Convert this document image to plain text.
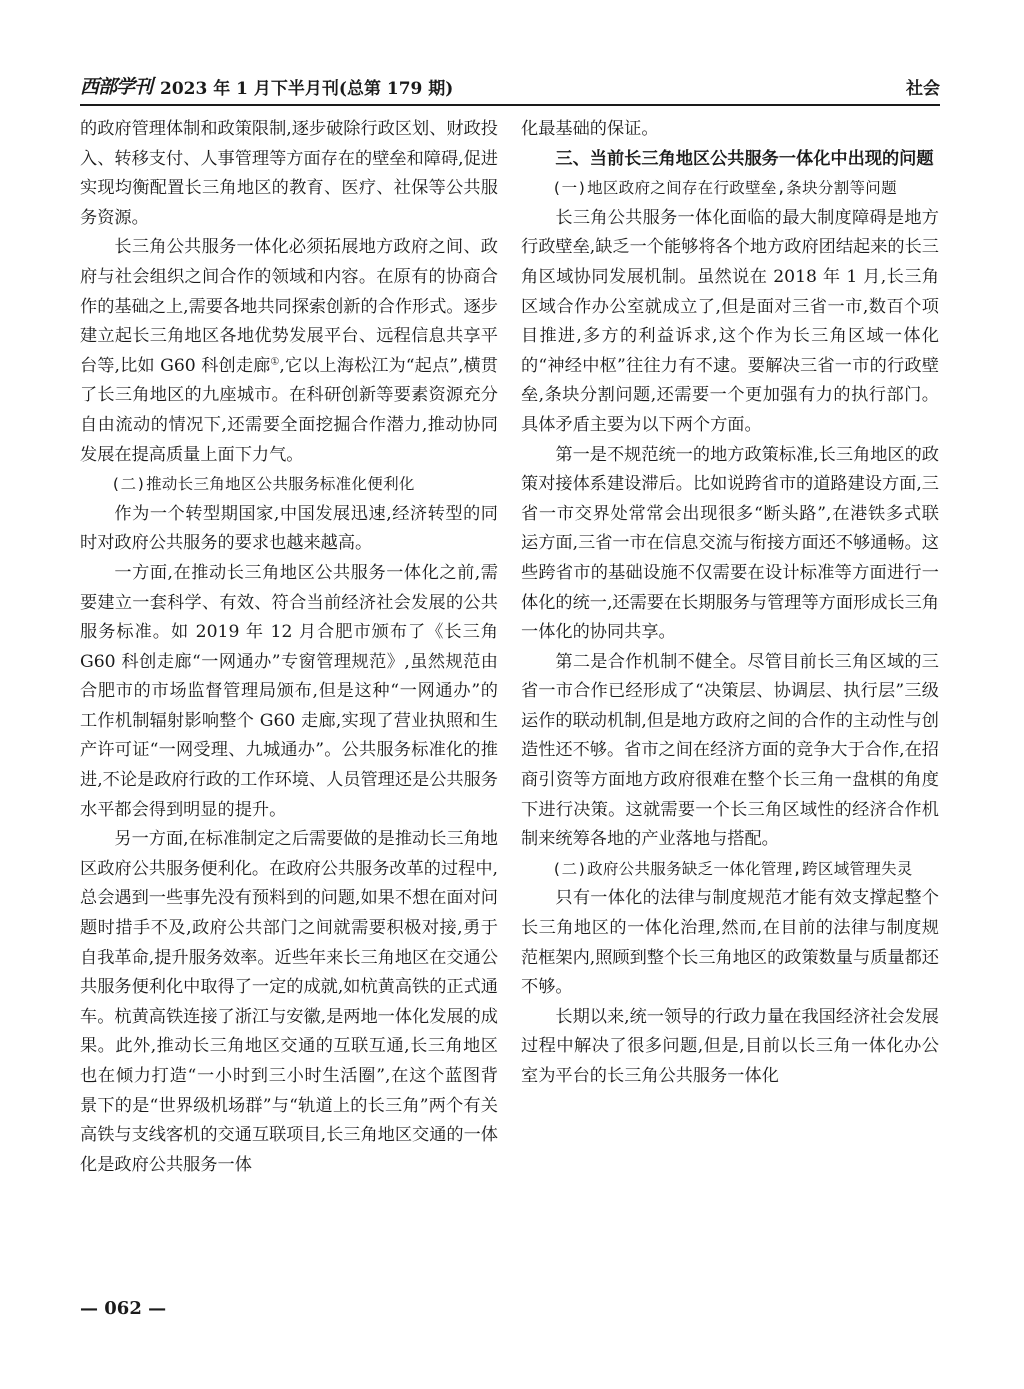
西部学刊 2023 年 1 月下半月刊(总第 179 期)	社会

的政府管理体制和政策限制,逐步破除行政区划、财政投入、转移支付、人事管理等方面存在的壁垒和障碍,促进实现均衡配置长三角地区的教育、医疗、社保等公共服务资源。

长三角公共服务一体化必须拓展地方政府之间、政府与社会组织之间合作的领域和内容。在原有的协商合作的基础之上,需要各地共同探索创新的合作形式。逐步建立起长三角地区各地优势发展平台、远程信息共享平台等,比如 G60 科创走廊①,它以上海松江为“起点”,横贯了长三角地区的九座城市。在科研创新等要素资源充分自由流动的情况下,还需要全面挖掘合作潜力,推动协同发展在提高质量上面下力气。

(二)推动长三角地区公共服务标准化便利化

作为一个转型期国家,中国发展迅速,经济转型的同时对政府公共服务的要求也越来越高。

一方面,在推动长三角地区公共服务一体化之前,需要建立一套科学、有效、符合当前经济社会发展的公共服务标准。如 2019 年 12 月合肥市颁布了《长三角 G60 科创走廊“一网通办”专窗管理规范》,虽然规范由合肥市的市场监督管理局颁布,但是这种“一网通办”的工作机制辐射影响整个 G60 走廊,实现了营业执照和生产许可证“一网受理、九城通办”。公共服务标准化的推进,不论是政府行政的工作环境、人员管理还是公共服务水平都会得到明显的提升。

另一方面,在标准制定之后需要做的是推动长三角地区政府公共服务便利化。在政府公共服务改革的过程中,总会遇到一些事先没有预料到的问题,如果不想在面对问题时措手不及,政府公共部门之间就需要积极对接,勇于自我革命,提升服务效率。近些年来长三角地区在交通公共服务便利化中取得了一定的成就,如杭黄高铁的正式通车。杭黄高铁连接了浙江与安徽,是两地一体化发展的成果。此外,推动长三角地区交通的互联互通,长三角地区也在倾力打造“一小时到三小时生活圈”,在这个蓝图背景下的是“世界级机场群”与“轨道上的长三角”两个有关高铁与支线客机的交通互联项目,长三角地区交通的一体化是政府公共服务一体

化最基础的保证。

三、当前长三角地区公共服务一体化中出现的问题
(一)地区政府之间存在行政壁垒,条块分割等问题

长三角公共服务一体化面临的最大制度障碍是地方行政壁垒,缺乏一个能够将各个地方政府团结起来的长三角区域协同发展机制。虽然说在 2018 年 1 月,长三角区域合作办公室就成立了,但是面对三省一市,数百个项目推进,多方的利益诉求,这个作为长三角区域一体化的“神经中枢”往往力有不逮。要解决三省一市的行政壁垒,条块分割问题,还需要一个更加强有力的执行部门。具体矛盾主要为以下两个方面。

第一是不规范统一的地方政策标准,长三角地区的政策对接体系建设滞后。比如说跨省市的道路建设方面,三省一市交界处常常会出现很多“断头路”,在港铁多式联运方面,三省一市在信息交流与衔接方面还不够通畅。这些跨省市的基础设施不仅需要在设计标准等方面进行一体化的统一,还需要在长期服务与管理等方面形成长三角一体化的协同共享。

第二是合作机制不健全。尽管目前长三角区域的三省一市合作已经形成了“决策层、协调层、执行层”三级运作的联动机制,但是地方政府之间的合作的主动性与创造性还不够。省市之间在经济方面的竞争大于合作,在招商引资等方面地方政府很难在整个长三角一盘棋的角度下进行决策。这就需要一个长三角区域性的经济合作机制来统筹各地的产业落地与搭配。

(二)政府公共服务缺乏一体化管理,跨区域管理失灵

只有一体化的法律与制度规范才能有效支撑起整个长三角地区的一体化治理,然而,在目前的法律与制度规范框架内,照顾到整个长三角地区的政策数量与质量都还不够。

长期以来,统一领导的行政力量在我国经济社会发展过程中解决了很多问题,但是,目前以长三角一体化办公室为平台的长三角公共服务一体化

— 062 —
